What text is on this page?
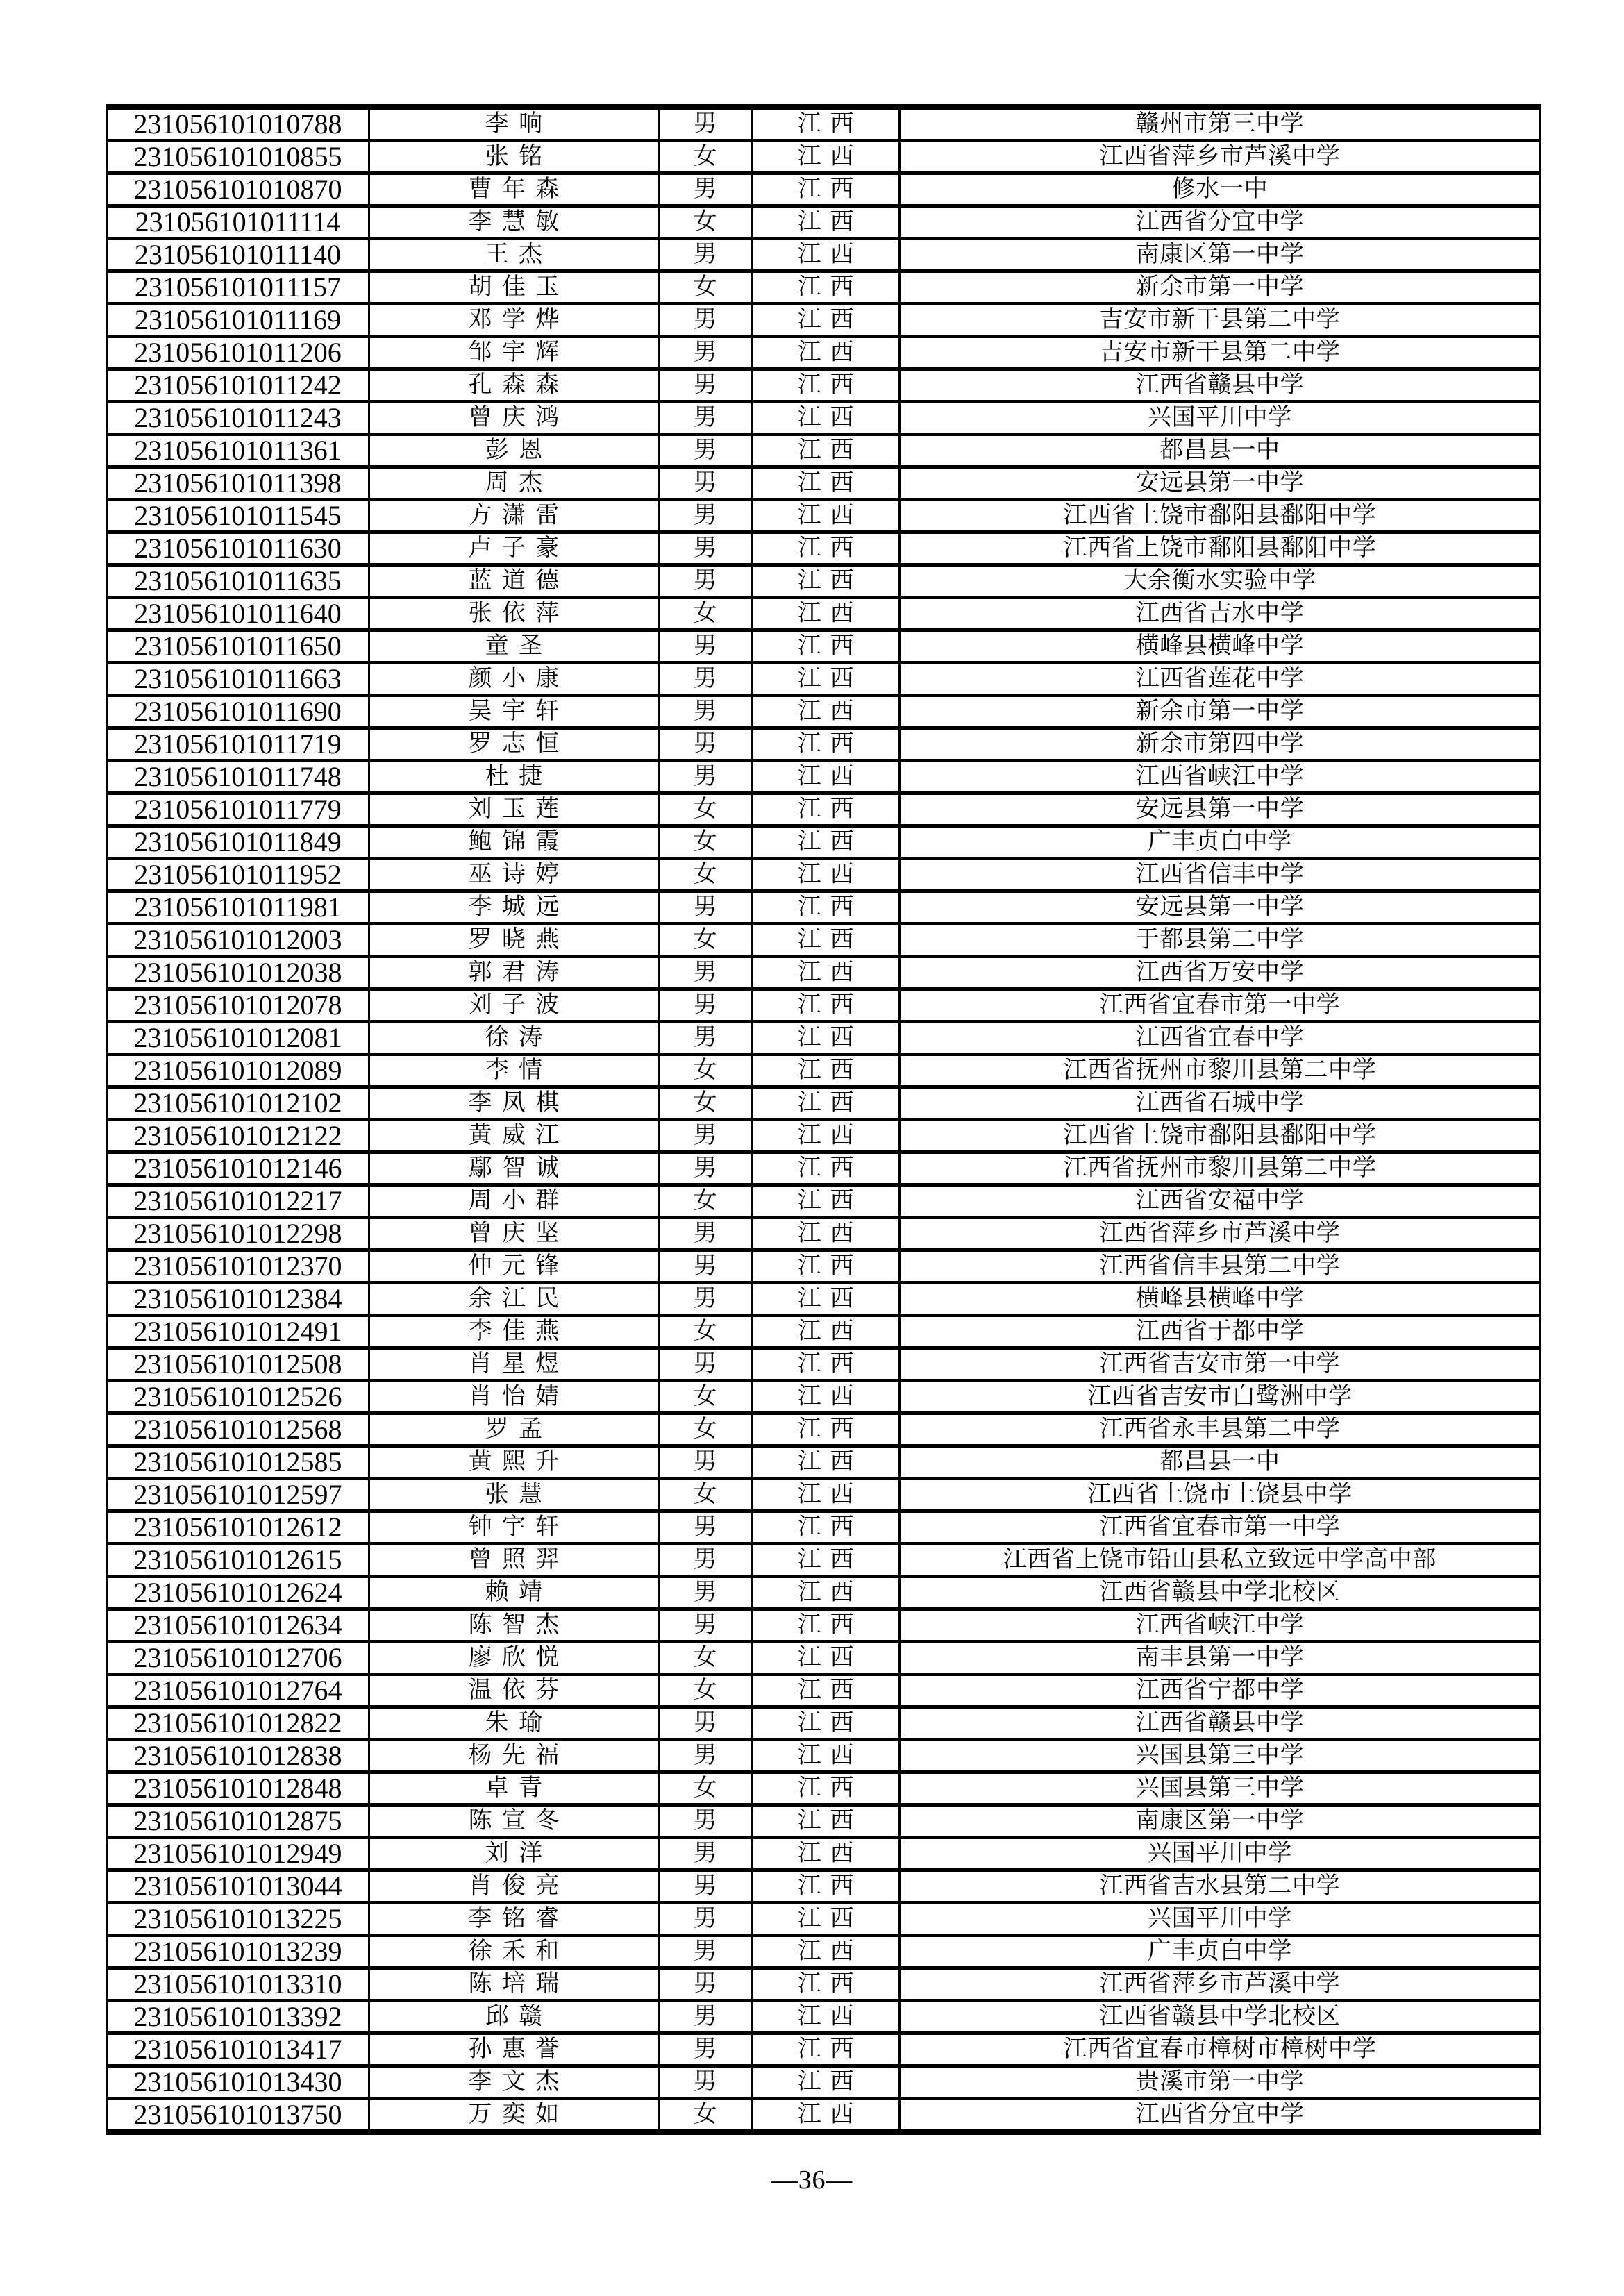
231056101010788	李响	男	江西	赣州市第三中学
231056101010855	张铭	女	江西	江西省萍乡市芦溪中学
231056101010870	曹年森	男	江西	修水一中
231056101011114	李慧敏	女	江西	江西省分宜中学
231056101011140	王杰	男	江西	南康区第一中学
231056101011157	胡佳玉	女	江西	新余市第一中学
231056101011169	邓学烨	男	江西	吉安市新干县第二中学
231056101011206	邹宇辉	男	江西	吉安市新干县第二中学
231056101011242	孔森森	男	江西	江西省赣县中学
231056101011243	曾庆鸿	男	江西	兴国平川中学
231056101011361	彭恩	男	江西	都昌县一中
231056101011398	周杰	男	江西	安远县第一中学
231056101011545	方潇雷	男	江西	江西省上饶市鄱阳县鄱阳中学
231056101011630	卢子豪	男	江西	江西省上饶市鄱阳县鄱阳中学
231056101011635	蓝道德	男	江西	大余衡水实验中学
231056101011640	张依萍	女	江西	江西省吉水中学
231056101011650	童圣	男	江西	横峰县横峰中学
231056101011663	颜小康	男	江西	江西省莲花中学
231056101011690	吴宇轩	男	江西	新余市第一中学
231056101011719	罗志恒	男	江西	新余市第四中学
231056101011748	杜捷	男	江西	江西省峡江中学
231056101011779	刘玉莲	女	江西	安远县第一中学
231056101011849	鲍锦霞	女	江西	广丰贞白中学
231056101011952	巫诗婷	女	江西	江西省信丰中学
231056101011981	李城远	男	江西	安远县第一中学
231056101012003	罗晓燕	女	江西	于都县第二中学
231056101012038	郭君涛	男	江西	江西省万安中学
231056101012078	刘子波	男	江西	江西省宜春市第一中学
231056101012081	徐涛	男	江西	江西省宜春中学
231056101012089	李情	女	江西	江西省抚州市黎川县第二中学
231056101012102	李凤棋	女	江西	江西省石城中学
231056101012122	黄威江	男	江西	江西省上饶市鄱阳县鄱阳中学
231056101012146	鄢智诚	男	江西	江西省抚州市黎川县第二中学
231056101012217	周小群	女	江西	江西省安福中学
231056101012298	曾庆坚	男	江西	江西省萍乡市芦溪中学
231056101012370	仲元锋	男	江西	江西省信丰县第二中学
231056101012384	余江民	男	江西	横峰县横峰中学
231056101012491	李佳燕	女	江西	江西省于都中学
231056101012508	肖星煜	男	江西	江西省吉安市第一中学
231056101012526	肖怡婧	女	江西	江西省吉安市白鹭洲中学
231056101012568	罗孟	女	江西	江西省永丰县第二中学
231056101012585	黄熙升	男	江西	都昌县一中
231056101012597	张慧	女	江西	江西省上饶市上饶县中学
231056101012612	钟宇轩	男	江西	江西省宜春市第一中学
231056101012615	曾照羿	男	江西	江西省上饶市铅山县私立致远中学高中部
231056101012624	赖靖	男	江西	江西省赣县中学北校区
231056101012634	陈智杰	男	江西	江西省峡江中学
231056101012706	廖欣悦	女	江西	南丰县第一中学
231056101012764	温依芬	女	江西	江西省宁都中学
231056101012822	朱瑜	男	江西	江西省赣县中学
231056101012838	杨先福	男	江西	兴国县第三中学
231056101012848	卓青	女	江西	兴国县第三中学
231056101012875	陈宣冬	男	江西	南康区第一中学
231056101012949	刘洋	男	江西	兴国平川中学
231056101013044	肖俊亮	男	江西	江西省吉水县第二中学
231056101013225	李铭睿	男	江西	兴国平川中学
231056101013239	徐禾和	男	江西	广丰贞白中学
231056101013310	陈培瑞	男	江西	江西省萍乡市芦溪中学
231056101013392	邱赣	男	江西	江西省赣县中学北校区
231056101013417	孙惠誉	男	江西	江西省宜春市樟树市樟树中学
231056101013430	李文杰	男	江西	贵溪市第一中学
231056101013750	万奕如	女	江西	江西省分宜中学
—36—
